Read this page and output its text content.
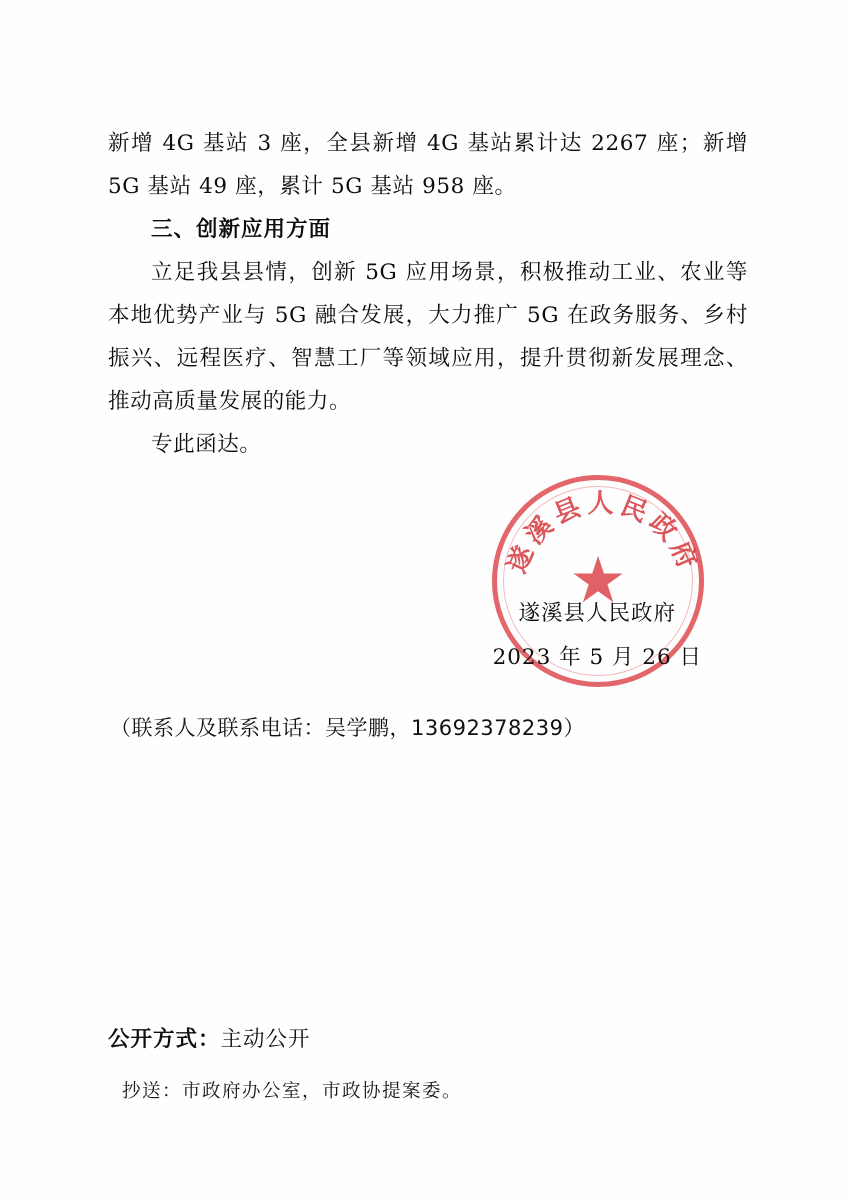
新增 4G 基站 3 座，全县新增 4G 基站累计达 2267 座；新增 5G 基站 49 座，累计 5G 基站 958 座。

三、创新应用方面

立足我县县情，创新 5G 应用场景，积极推动工业、农业等本地优势产业与 5G 融合发展，大力推广 5G 在政务服务、乡村振兴、远程医疗、智慧工厂等领域应用，提升贯彻新发展理念、推动高质量发展的能力。

专此函达。

遂溪县人民政府
★
遂溪县人民政府
2023 年 5 月 26 日
（联系人及联系电话：吴学鹏，13692378239）
公开方式：主动公开
抄送：市政府办公室，市政协提案委。
